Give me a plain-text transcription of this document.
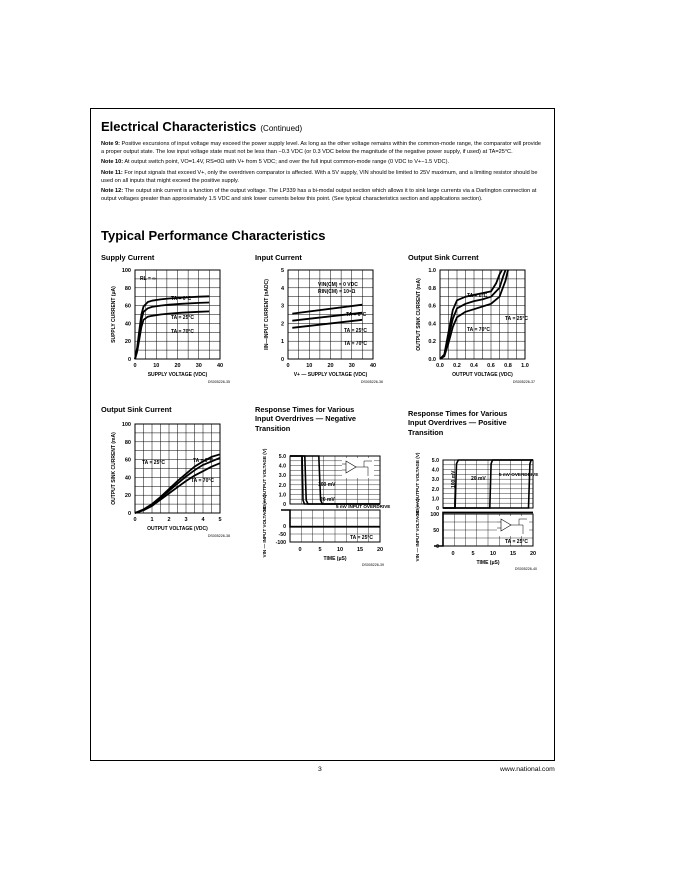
Electrical Characteristics (Continued)
Note 9: Positive excursions of input voltage may exceed the power supply level. As long as the other voltage remains within the common-mode range, the comparator will provide a proper output state. The low input voltage state must not be less than −0.3 VDC (or 0.3 VDC below the magnitude of the negative power supply, if used) at TA=25°C.
Note 10: At output switch point, VO=1.4V, RS=0Ω with V+ from 5 VDC; and over the full input common-mode range (0 VDC to V+−1.5 VDC).
Note 11: For input signals that exceed V+, only the overdriven comparator is affected. With a 5V supply, VIN should be limited to 25V maximum, and a limiting resistor should be used on all inputs that might exceed the positive supply.
Note 12: The output sink current is a function of the output voltage. The LP339 has a bi-modal output section which allows it to sink large currents via a Darlington connection at output voltages greater than approximately 1.5 VDC and sink lower currents below this point. (See typical characteristics section and applications section).
Typical Performance Characteristics
Supply Current	Input Current	Output Sink Current
Output Sink Current	Response Times for Various Input Overdrives — Negative Transition
Response Times for Various Input Overdrives — Positive Transition
0	10	20	30	40
0
20
40
60
80
100
SUPPLY VOLTAGE (VDC)
SUPPLY CURRENT (μA)
DS005226-35
RL = ∞
TA = 0°C
TA = 25°C
TA = 70°C
0	10	20	30	40
0
1
2
3
4
5
V+ — SUPPLY VOLTAGE (VDC)
IIN—INPUT CURRENT (nADC)
DS005226-36
VIN(CM) = 0 VDC
RIN(CM) = 10⁹Ω
TA = 0°C
TA = 25°C
TA = 70°C
0.0 0.2 0.4 0.6 0.8 1.0
0.0
0.2
0.4
0.6
0.8
1.0
OUTPUT VOLTAGE (VDC)
OUTPUT SINK CURRENT (mA)
DS005226-37
TA = 0°C
TA = 25°C
TA = 70°C
0	1	2	3	4	5
0
20
40
60
80
100
OUTPUT VOLTAGE (VDC)
OUTPUT SINK CURRENT (mA)
DS005226-38
TA = 25°C	TA = 0°C
TA = 70°C
5.0
4.0
3.0
2.0
1.0
0
0
-50
-100
0	5	10	15	20
TIME (μS)
VO — OUTPUT VOLTAGE (V)
VIN — INPUT VOLTAGE (mV)
DS005226-39
100 mV
20 mV
5 mV INPUT OVERDRIVE
TA = 25°C
5.0
4.0
3.0
2.0
1.0
0
100
50
0
0	5	10	15	20
TIME (μS)
VO — OUTPUT VOLTAGE (V)
VIN — INPUT VOLTAGE (mV)
DS005226-40
100 mV	20 mV
5 mV OVERDRIVE
TA = 25°C
3	www.national.com
